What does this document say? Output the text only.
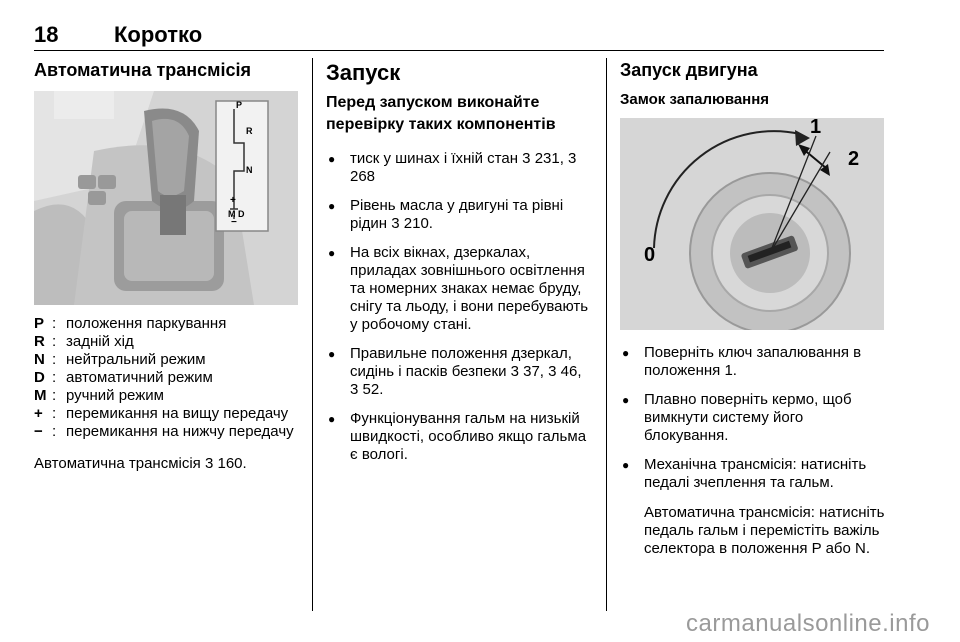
18	Коротко
Автоматична трансмісія
P
R
N
+
M D
−
P : положення паркування
R : задній хід
N : нейтральний режим
D : автоматичний режим
M : ручний режим
+ : перемикання на вищу передачу
− : перемикання на нижчу передачу
Автоматична трансмісія 3 160.
Запуск
Перед запуском виконайте перевірку таких компонентів
● тиск у шинах і їхній стан 3 231, 3 268
● Рівень масла у двигуні та рівні рідин 3 210.
● На всіх вікнах, дзеркалах, приладах зовнішнього освітлення та номерних знаках немає бруду, снігу та льоду, і вони перебувають у робочому стані.
● Правильне положення дзеркал, сидінь і пасків безпеки 3 37, 3 46, 3 52.
● Функціонування гальм на низькій швидкості, особливо якщо гальма є вологі.
Запуск двигуна
Замок запалювання
0
1
2
● Поверніть ключ запалювання в положення 1.
● Плавно поверніть кермо, щоб вимкнути систему його блокування.
● Механічна трансмісія: натисніть педалі зчеплення та гальм.
Автоматична трансмісія: натисніть педаль гальм і перемістіть важіль селектора в положення P або N.
carmanualsonline.info
